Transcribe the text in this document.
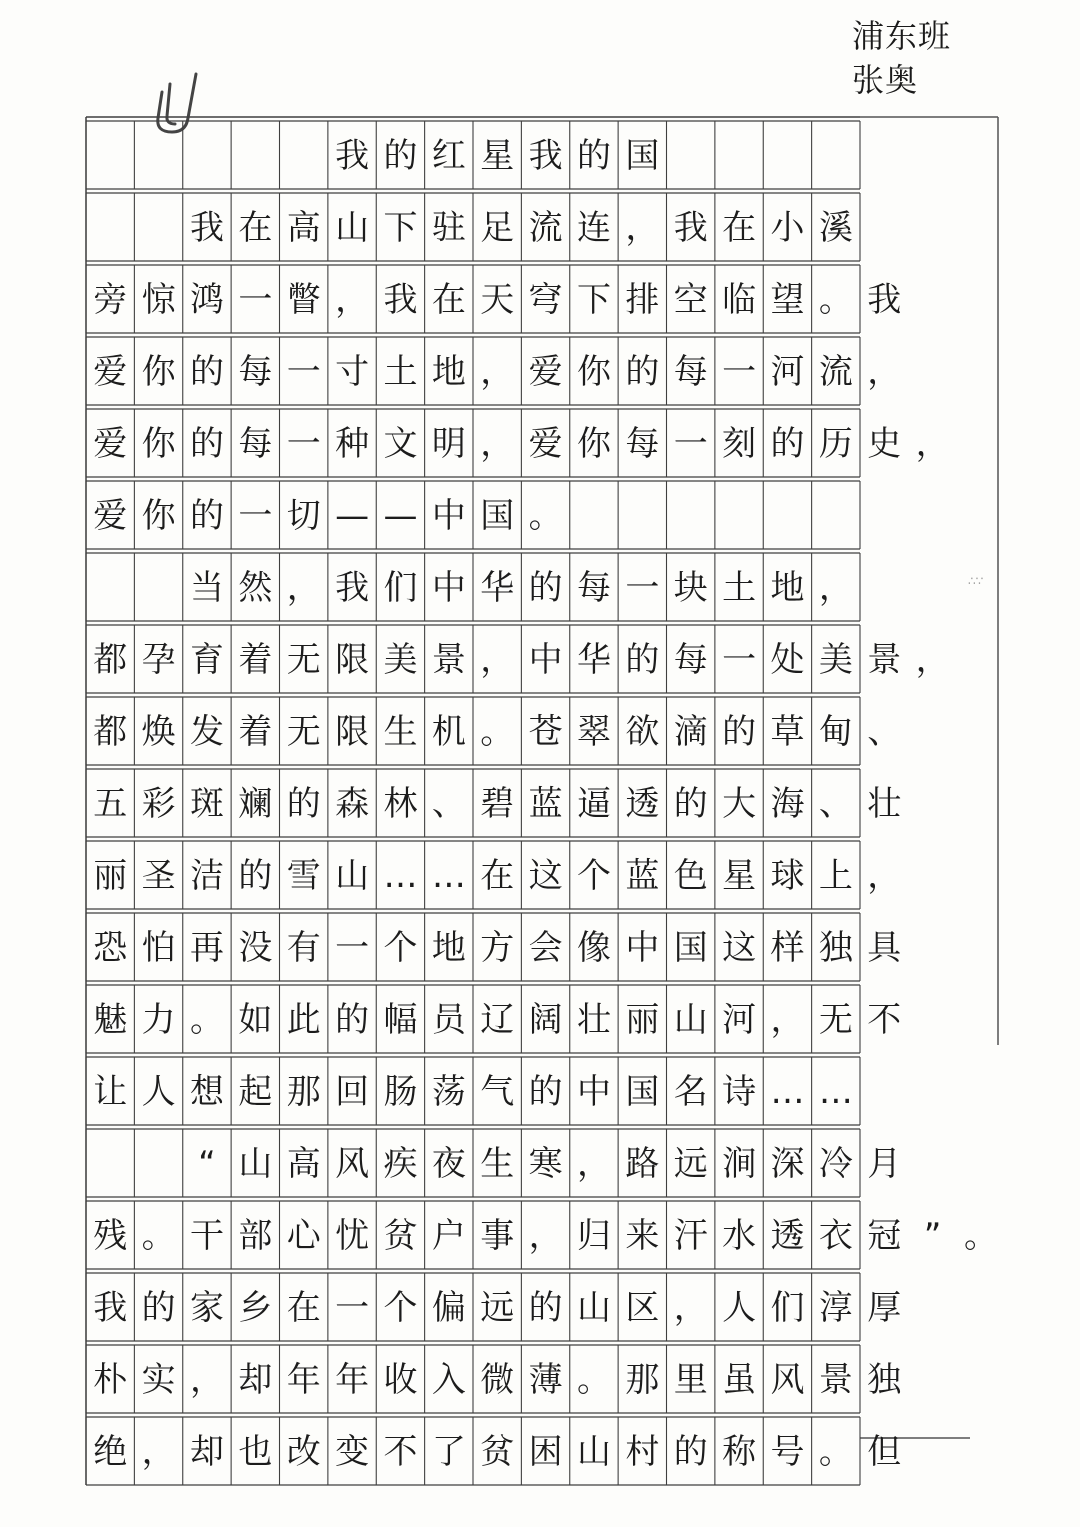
∴∵
我 的 红 星 我 的 国
我 在 高 山 下 驻 足 流 连 ， 我 在 小 溪
旁 惊 鸿 一 瞥 ， 我 在 天 穹 下 排 空 临 望 。 我
爱 你 的 每 一 寸 土 地 ， 爱 你 的 每 一 河 流 ，
爱 你 的 每 一 种 文 明 ， 爱 你 每 一 刻 的 历 史 ，
爱 你 的 一 切 — — 中 国 。
当 然 ， 我 们 中 华 的 每 一 块 土 地 ，
都 孕 育 着 无 限 美 景 ， 中 华 的 每 一 处 美 景 ，
都 焕 发 着 无 限 生 机 。 苍 翠 欲 滴 的 草 甸 、
五 彩 斑 斓 的 森 林 、 碧 蓝 逼 透 的 大 海 、 壮
丽 圣 洁 的 雪 山 … … 在 这 个 蓝 色 星 球 上 ，
恐 怕 再 没 有 一 个 地 方 会 像 中 国 这 样 独 具
魅 力 。 如 此 的 幅 员 辽 阔 壮 丽 山 河 ， 无 不
让 人 想 起 那 回 肠 荡 气 的 中 国 名 诗 … …
“ 山 高 风 疾 夜 生 寒 ， 路 远 涧 深 冷 月
残 。 干 部 心 忧 贫 户 事 ， 归 来 汗 水 透 衣 冠 ” 。
我 的 家 乡 在 一 个 偏 远 的 山 区 ， 人 们 淳 厚
朴 实 ， 却 年 年 收 入 微 薄 。 那 里 虽 风 景 独
绝 ， 却 也 改 变 不 了 贫 困 山 村 的 称 号 。 但
浦东班
张奥
